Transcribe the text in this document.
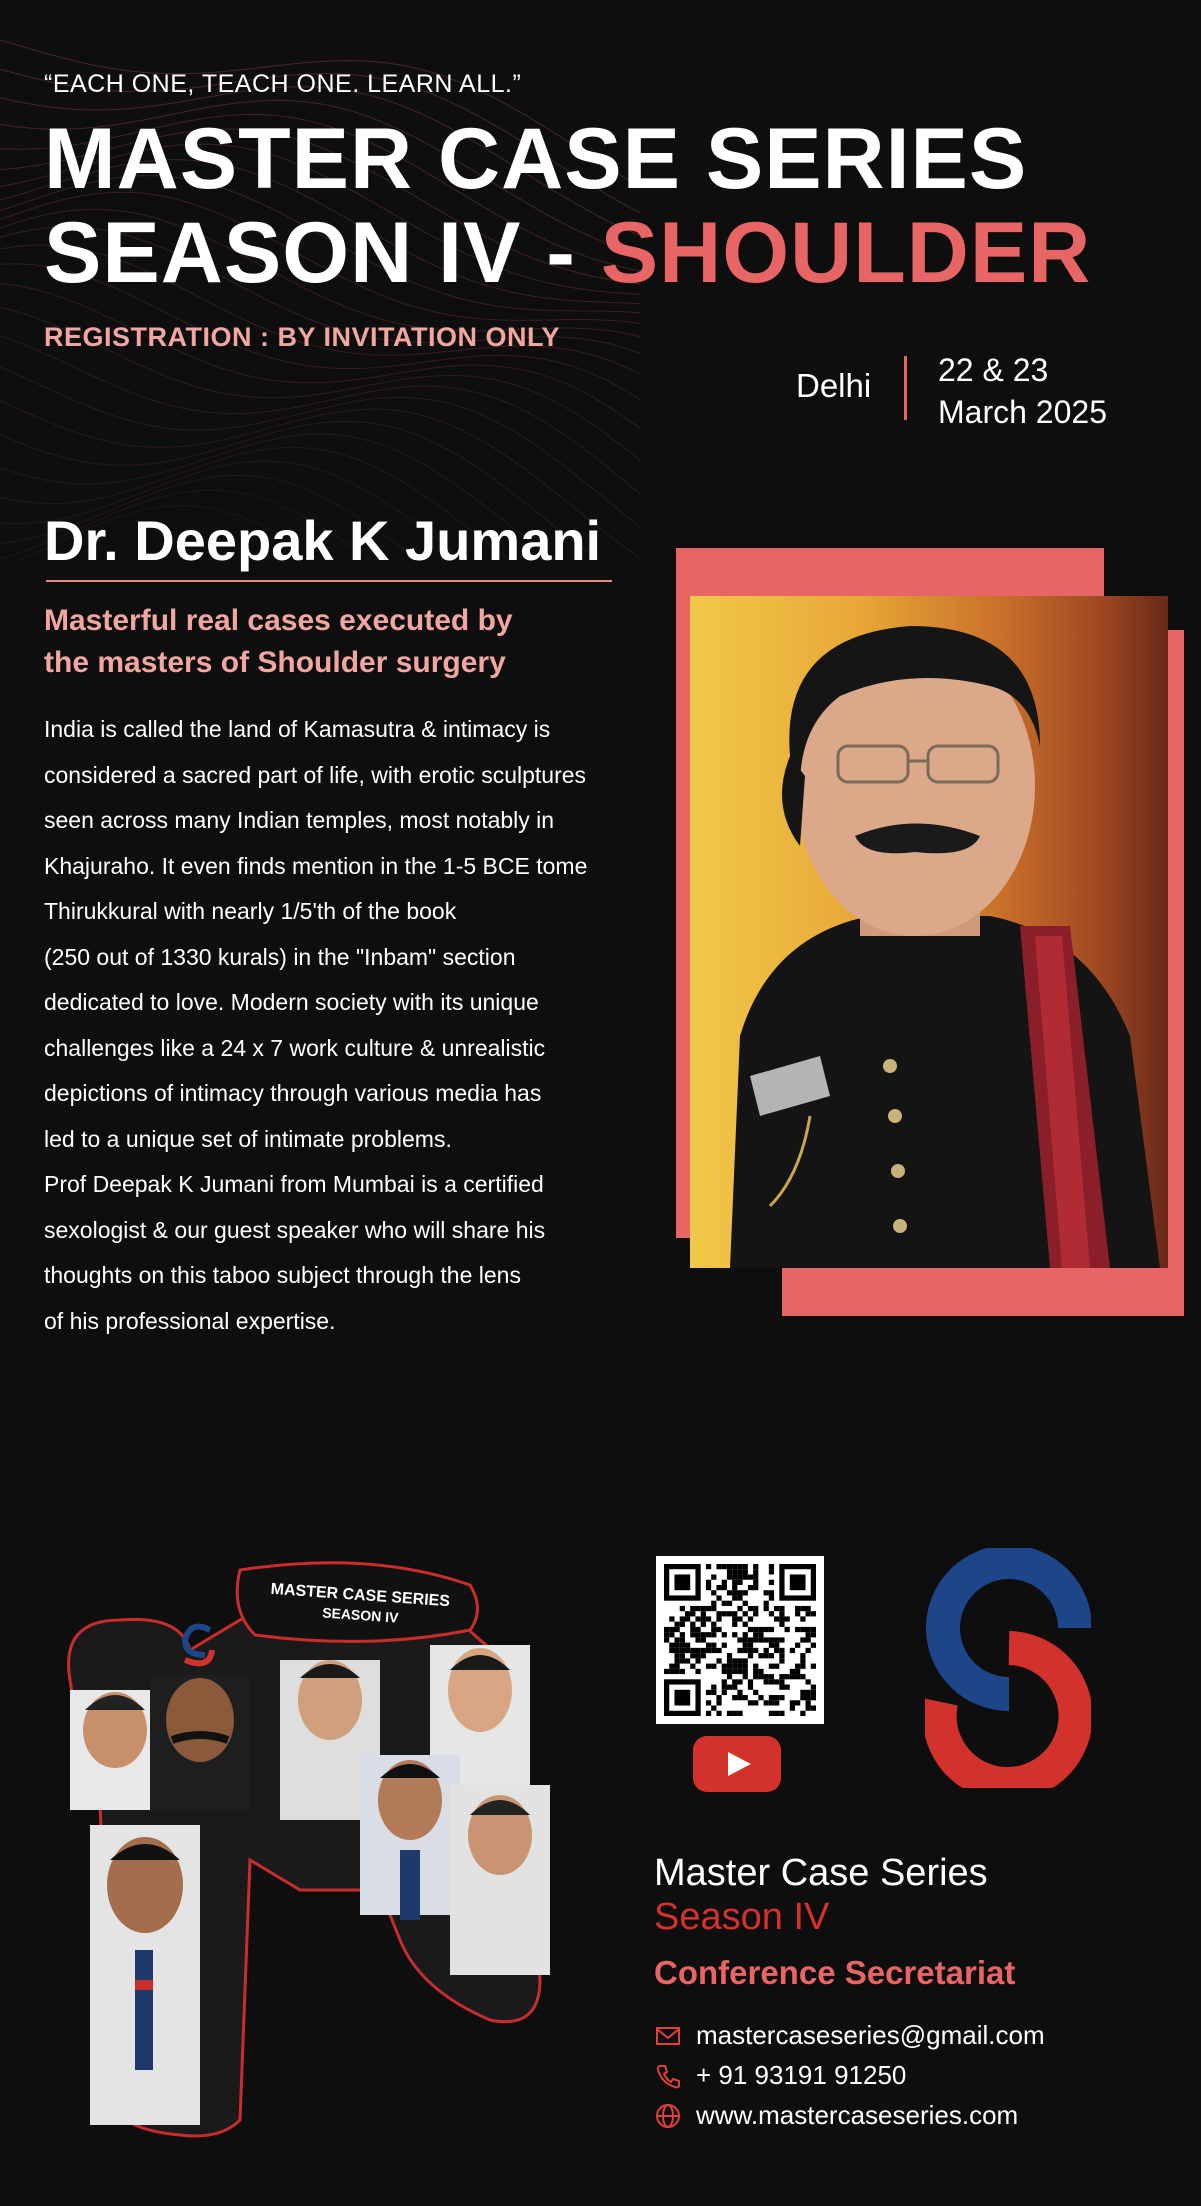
“EACH ONE, TEACH ONE. LEARN ALL.”
MASTER CASE SERIES
SEASON IV - SHOULDER
REGISTRATION : BY INVITATION ONLY
Delhi 22 & 23
March 2025
Dr. Deepak K Jumani
Masterful real cases executed by
the masters of Shoulder surgery
India is called the land of Kamasutra & intimacy is
considered a sacred part of life, with erotic sculptures
seen across many Indian temples, most notably in
Khajuraho. It even finds mention in the 1-5 BCE tome
Thirukkural with nearly 1/5'th of the book
(250 out of 1330 kurals) in the "Inbam" section
dedicated to love. Modern society with its unique
challenges like a 24 x 7 work culture & unrealistic
depictions of intimacy through various media has
led to a unique set of intimate problems.
Prof Deepak K Jumani from Mumbai is a certified
sexologist & our guest speaker who will share his
thoughts on this taboo subject through the lens
of his professional expertise.
MASTER CASE SERIES
SEASON IV
Master Case Series
Season IV
Conference Secretariat
mastercaseseries@gmail.com
+ 91 93191 91250
www.mastercaseseries.com
